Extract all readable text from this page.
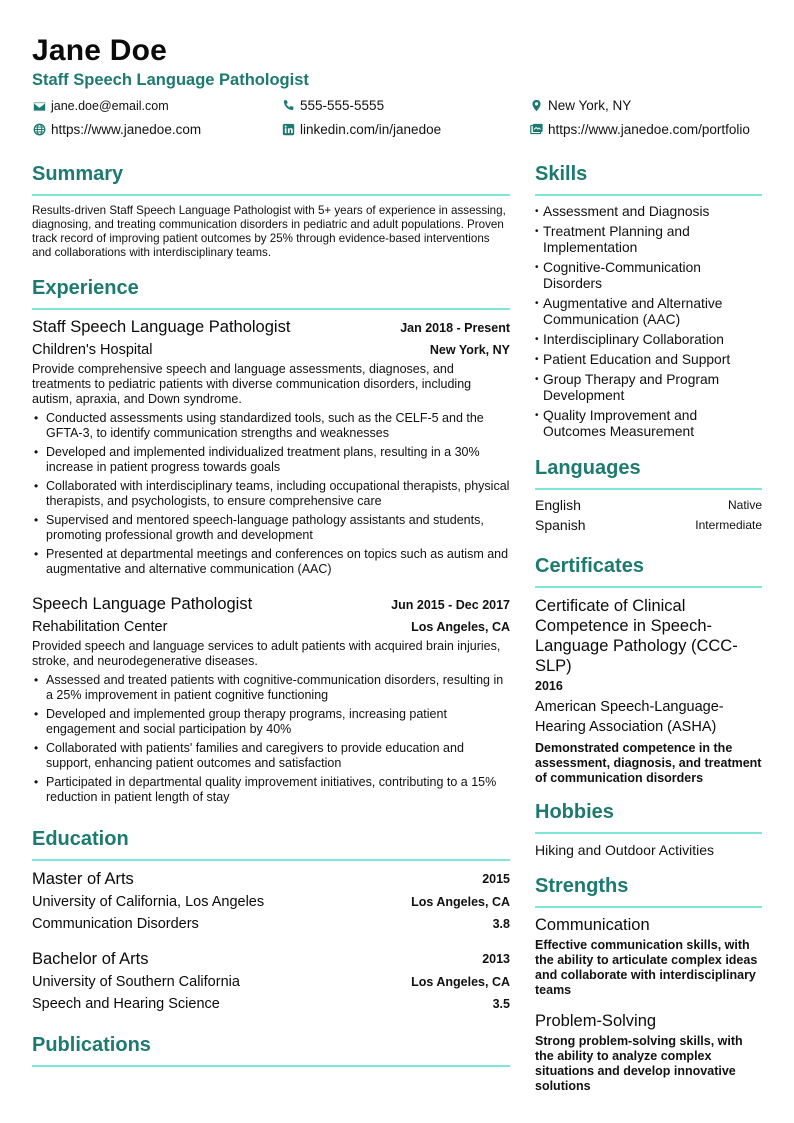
Jane Doe
Staff Speech Language Pathologist
jane.doe@email.com	555-555-5555	New York, NY
https://www.janedoe.com	linkedin.com/in/janedoe	https://www.janedoe.com/portfolio
Summary
Results-driven Staff Speech Language Pathologist with 5+ years of experience in assessing, diagnosing, and treating communication disorders in pediatric and adult populations. Proven track record of improving patient outcomes by 25% through evidence-based interventions and collaborations with interdisciplinary teams.
Experience
Staff Speech Language Pathologist	Jan 2018 - Present
Children's Hospital	New York, NY
Provide comprehensive speech and language assessments, diagnoses, and treatments to pediatric patients with diverse communication disorders, including autism, apraxia, and Down syndrome.
• Conducted assessments using standardized tools, such as the CELF-5 and the GFTA-3, to identify communication strengths and weaknesses
• Developed and implemented individualized treatment plans, resulting in a 30% increase in patient progress towards goals
• Collaborated with interdisciplinary teams, including occupational therapists, physical therapists, and psychologists, to ensure comprehensive care
• Supervised and mentored speech-language pathology assistants and students, promoting professional growth and development
• Presented at departmental meetings and conferences on topics such as autism and augmentative and alternative communication (AAC)
Speech Language Pathologist	Jun 2015 - Dec 2017
Rehabilitation Center	Los Angeles, CA
Provided speech and language services to adult patients with acquired brain injuries, stroke, and neurodegenerative diseases.
• Assessed and treated patients with cognitive-communication disorders, resulting in a 25% improvement in patient cognitive functioning
• Developed and implemented group therapy programs, increasing patient engagement and social participation by 40%
• Collaborated with patients' families and caregivers to provide education and support, enhancing patient outcomes and satisfaction
• Participated in departmental quality improvement initiatives, contributing to a 15% reduction in patient length of stay
Education
Master of Arts	2015
University of California, Los Angeles	Los Angeles, CA
Communication Disorders	3.8
Bachelor of Arts	2013
University of Southern California	Los Angeles, CA
Speech and Hearing Science	3.5
Publications
Skills
• Assessment and Diagnosis
• Treatment Planning and Implementation
• Cognitive-Communication Disorders
• Augmentative and Alternative Communication (AAC)
• Interdisciplinary Collaboration
• Patient Education and Support
• Group Therapy and Program Development
• Quality Improvement and Outcomes Measurement
Languages
English	Native
Spanish	Intermediate
Certificates
Certificate of Clinical Competence in Speech-Language Pathology (CCC-SLP)
2016
American Speech-Language-Hearing Association (ASHA)
Demonstrated competence in the assessment, diagnosis, and treatment of communication disorders
Hobbies
Hiking and Outdoor Activities
Strengths
Communication
Effective communication skills, with the ability to articulate complex ideas and collaborate with interdisciplinary teams
Problem-Solving
Strong problem-solving skills, with the ability to analyze complex situations and develop innovative solutions
